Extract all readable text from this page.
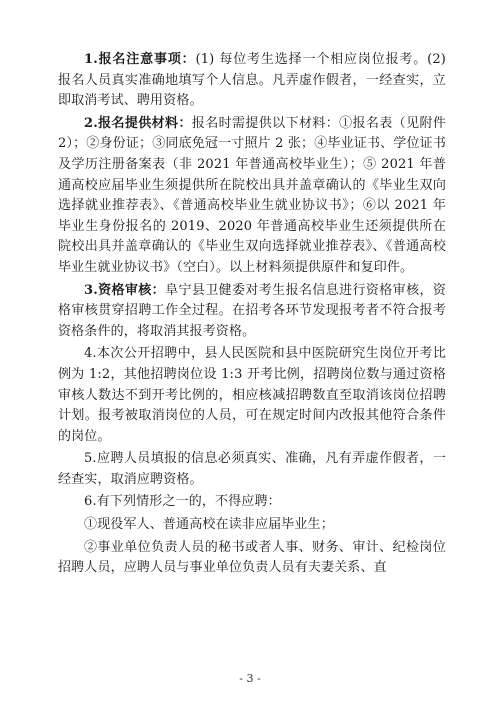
1.报名注意事项：(1) 每位考生选择一个相应岗位报考。(2) 报名人员真实准确地填写个人信息。凡弄虚作假者，一经查实，立即取消考试、聘用资格。

2.报名提供材料：报名时需提供以下材料：①报名表（见附件 2）；②身份证；③同底免冠一寸照片 2 张；④毕业证书、学位证书及学历注册备案表（非 2021 年普通高校毕业生）；⑤ 2021 年普通高校应届毕业生须提供所在院校出具并盖章确认的《毕业生双向选择就业推荐表》、《普通高校毕业生就业协议书》；⑥以 2021 年毕业生身份报名的 2019、2020 年普通高校毕业生还须提供所在院校出具并盖章确认的《毕业生双向选择就业推荐表》、《普通高校毕业生就业协议书》（空白）。以上材料须提供原件和复印件。

3.资格审核：阜宁县卫健委对考生报名信息进行资格审核，资格审核贯穿招聘工作全过程。在招考各环节发现报考者不符合报考资格条件的，将取消其报考资格。

4.本次公开招聘中，县人民医院和县中医院研究生岗位开考比例为 1:2，其他招聘岗位设 1:3 开考比例，招聘岗位数与通过资格审核人数达不到开考比例的，相应核减招聘数直至取消该岗位招聘计划。报考被取消岗位的人员，可在规定时间内改报其他符合条件的岗位。

5.应聘人员填报的信息必须真实、准确，凡有弄虚作假者，一经查实，取消应聘资格。

6.有下列情形之一的，不得应聘：

①现役军人、普通高校在读非应届毕业生；

②事业单位负责人员的秘书或者人事、财务、审计、纪检岗位招聘人员，应聘人员与事业单位负责人员有夫妻关系、直

- 3 -
